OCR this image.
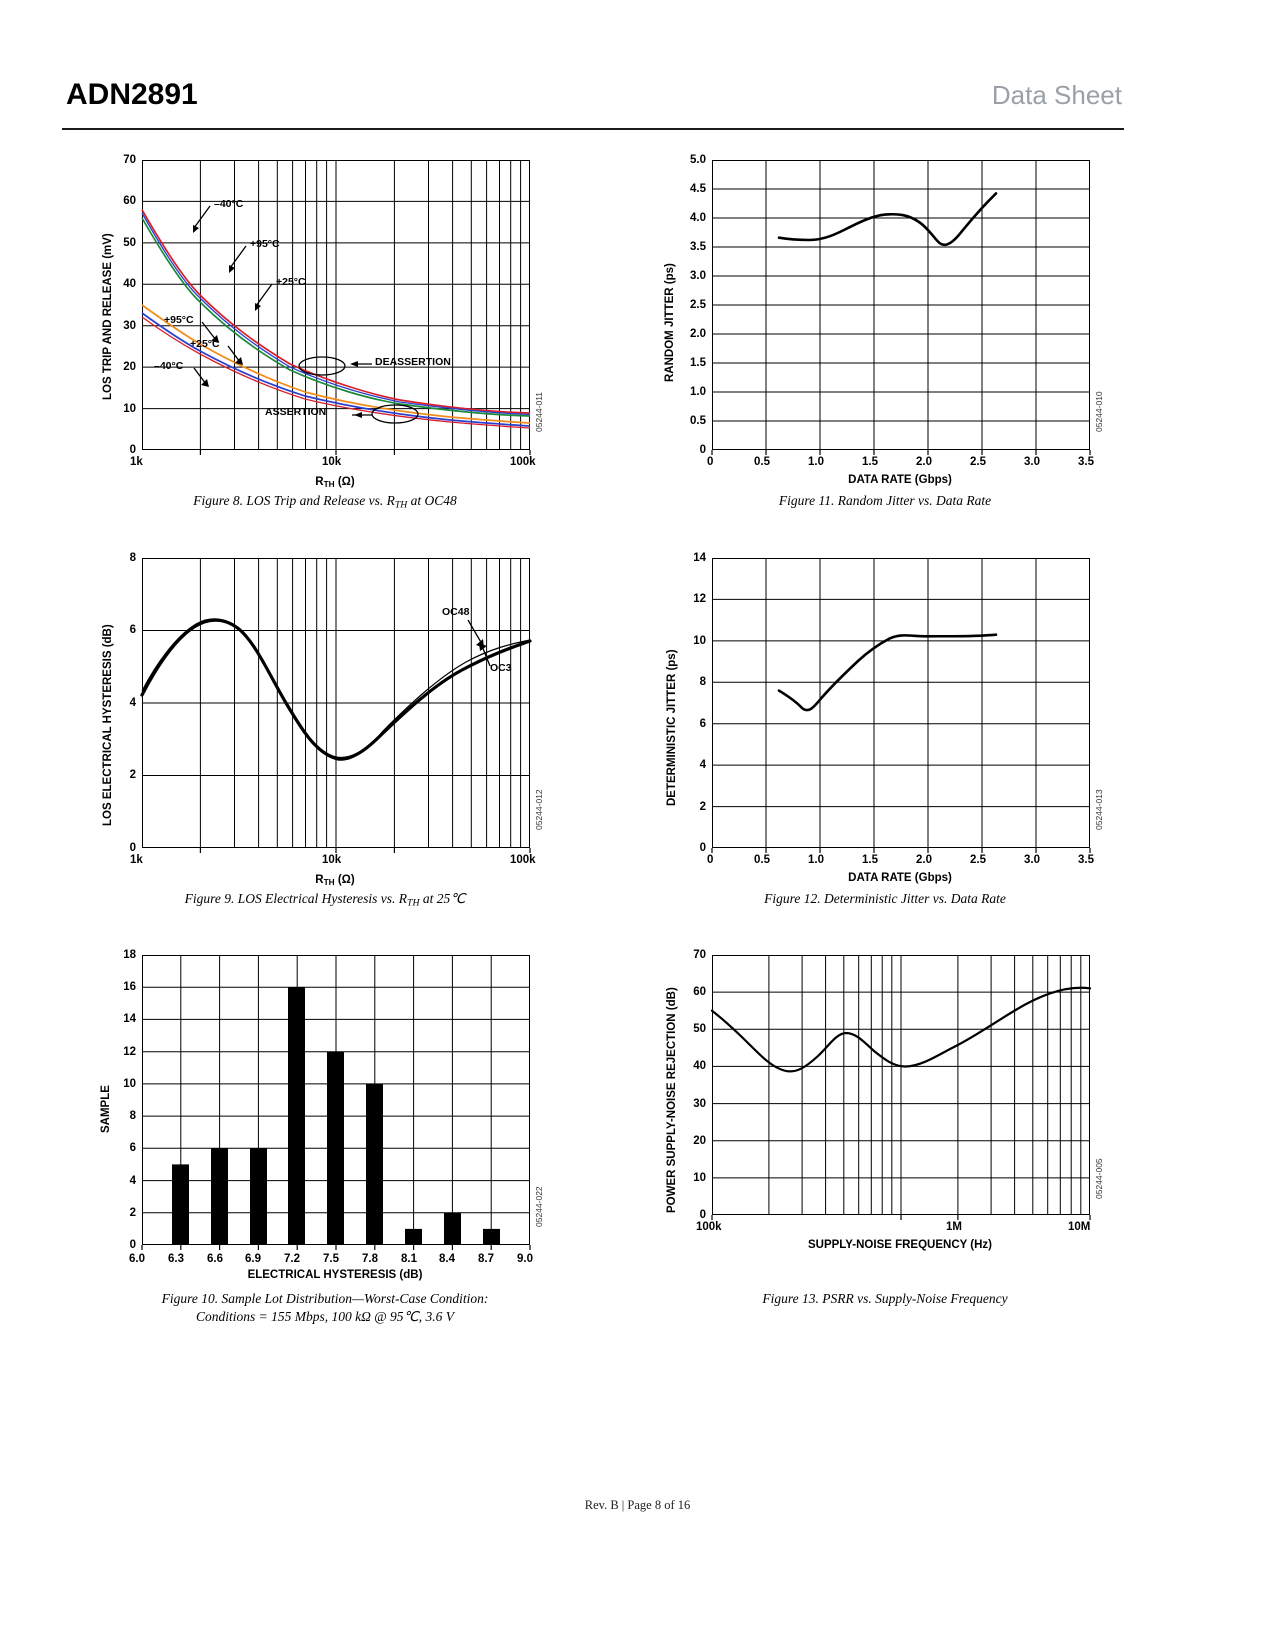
ADN2891	Data Sheet
70
60
50
40
30
20
10
0
1k	10k	100k
LOS TRIP AND RELEASE (mV)
$R_{TH}$ (Ω)
–40°C
+95°C
+25°C
+95°C
+25°C
–40°C	DEASSERTION
ASSERTION	05244-011
Figure 8. LOS Trip and Release vs. $R_{TH}$ at OC48
8
6
4
2
0
1k	10k	100k
LOS ELECTRICAL HYSTERESIS (dB)
$R_{TH}$ (Ω)
OC48
OC3
05244-012
Figure 9. LOS Electrical Hysteresis vs. $R_{TH}$ at 25℃
18
16
14
12
10
8
6
4
2
0
6.0 6.3 6.6 6.9 7.2 7.5 7.8 8.1 8.4 8.7 9.0
SAMPLE
ELECTRICAL HYSTERESIS (dB)
05244-022
Figure 10. Sample Lot Distribution—Worst-Case Condition:
Conditions = 155 Mbps, 100 kΩ @ 95℃, 3.6 V
5.0
4.5
4.0
3.5
3.0
2.5
2.0
1.5
1.0
0.5
0
0	0.5	1.0	1.5	2.0	2.5	3.0	3.5
RANDOM JITTER (ps)
DATA RATE (Gbps)
05244-010
Figure 11. Random Jitter vs. Data Rate
14
12
10
8
6
4
2
0
0	0.5	1.0	1.5	2.0	2.5	3.0	3.5
DETERMINISTIC JITTER (ps)
DATA RATE (Gbps)
05244-013
Figure 12. Deterministic Jitter vs. Data Rate
70
60
50
40
30
20
10
0
100k	1M	10M
POWER SUPPLY-NOISE REJECTION (dB)
SUPPLY-NOISE FREQUENCY (Hz)
05244-005
Figure 13. PSRR vs. Supply-Noise Frequency
Rev. B | Page 8 of 16
